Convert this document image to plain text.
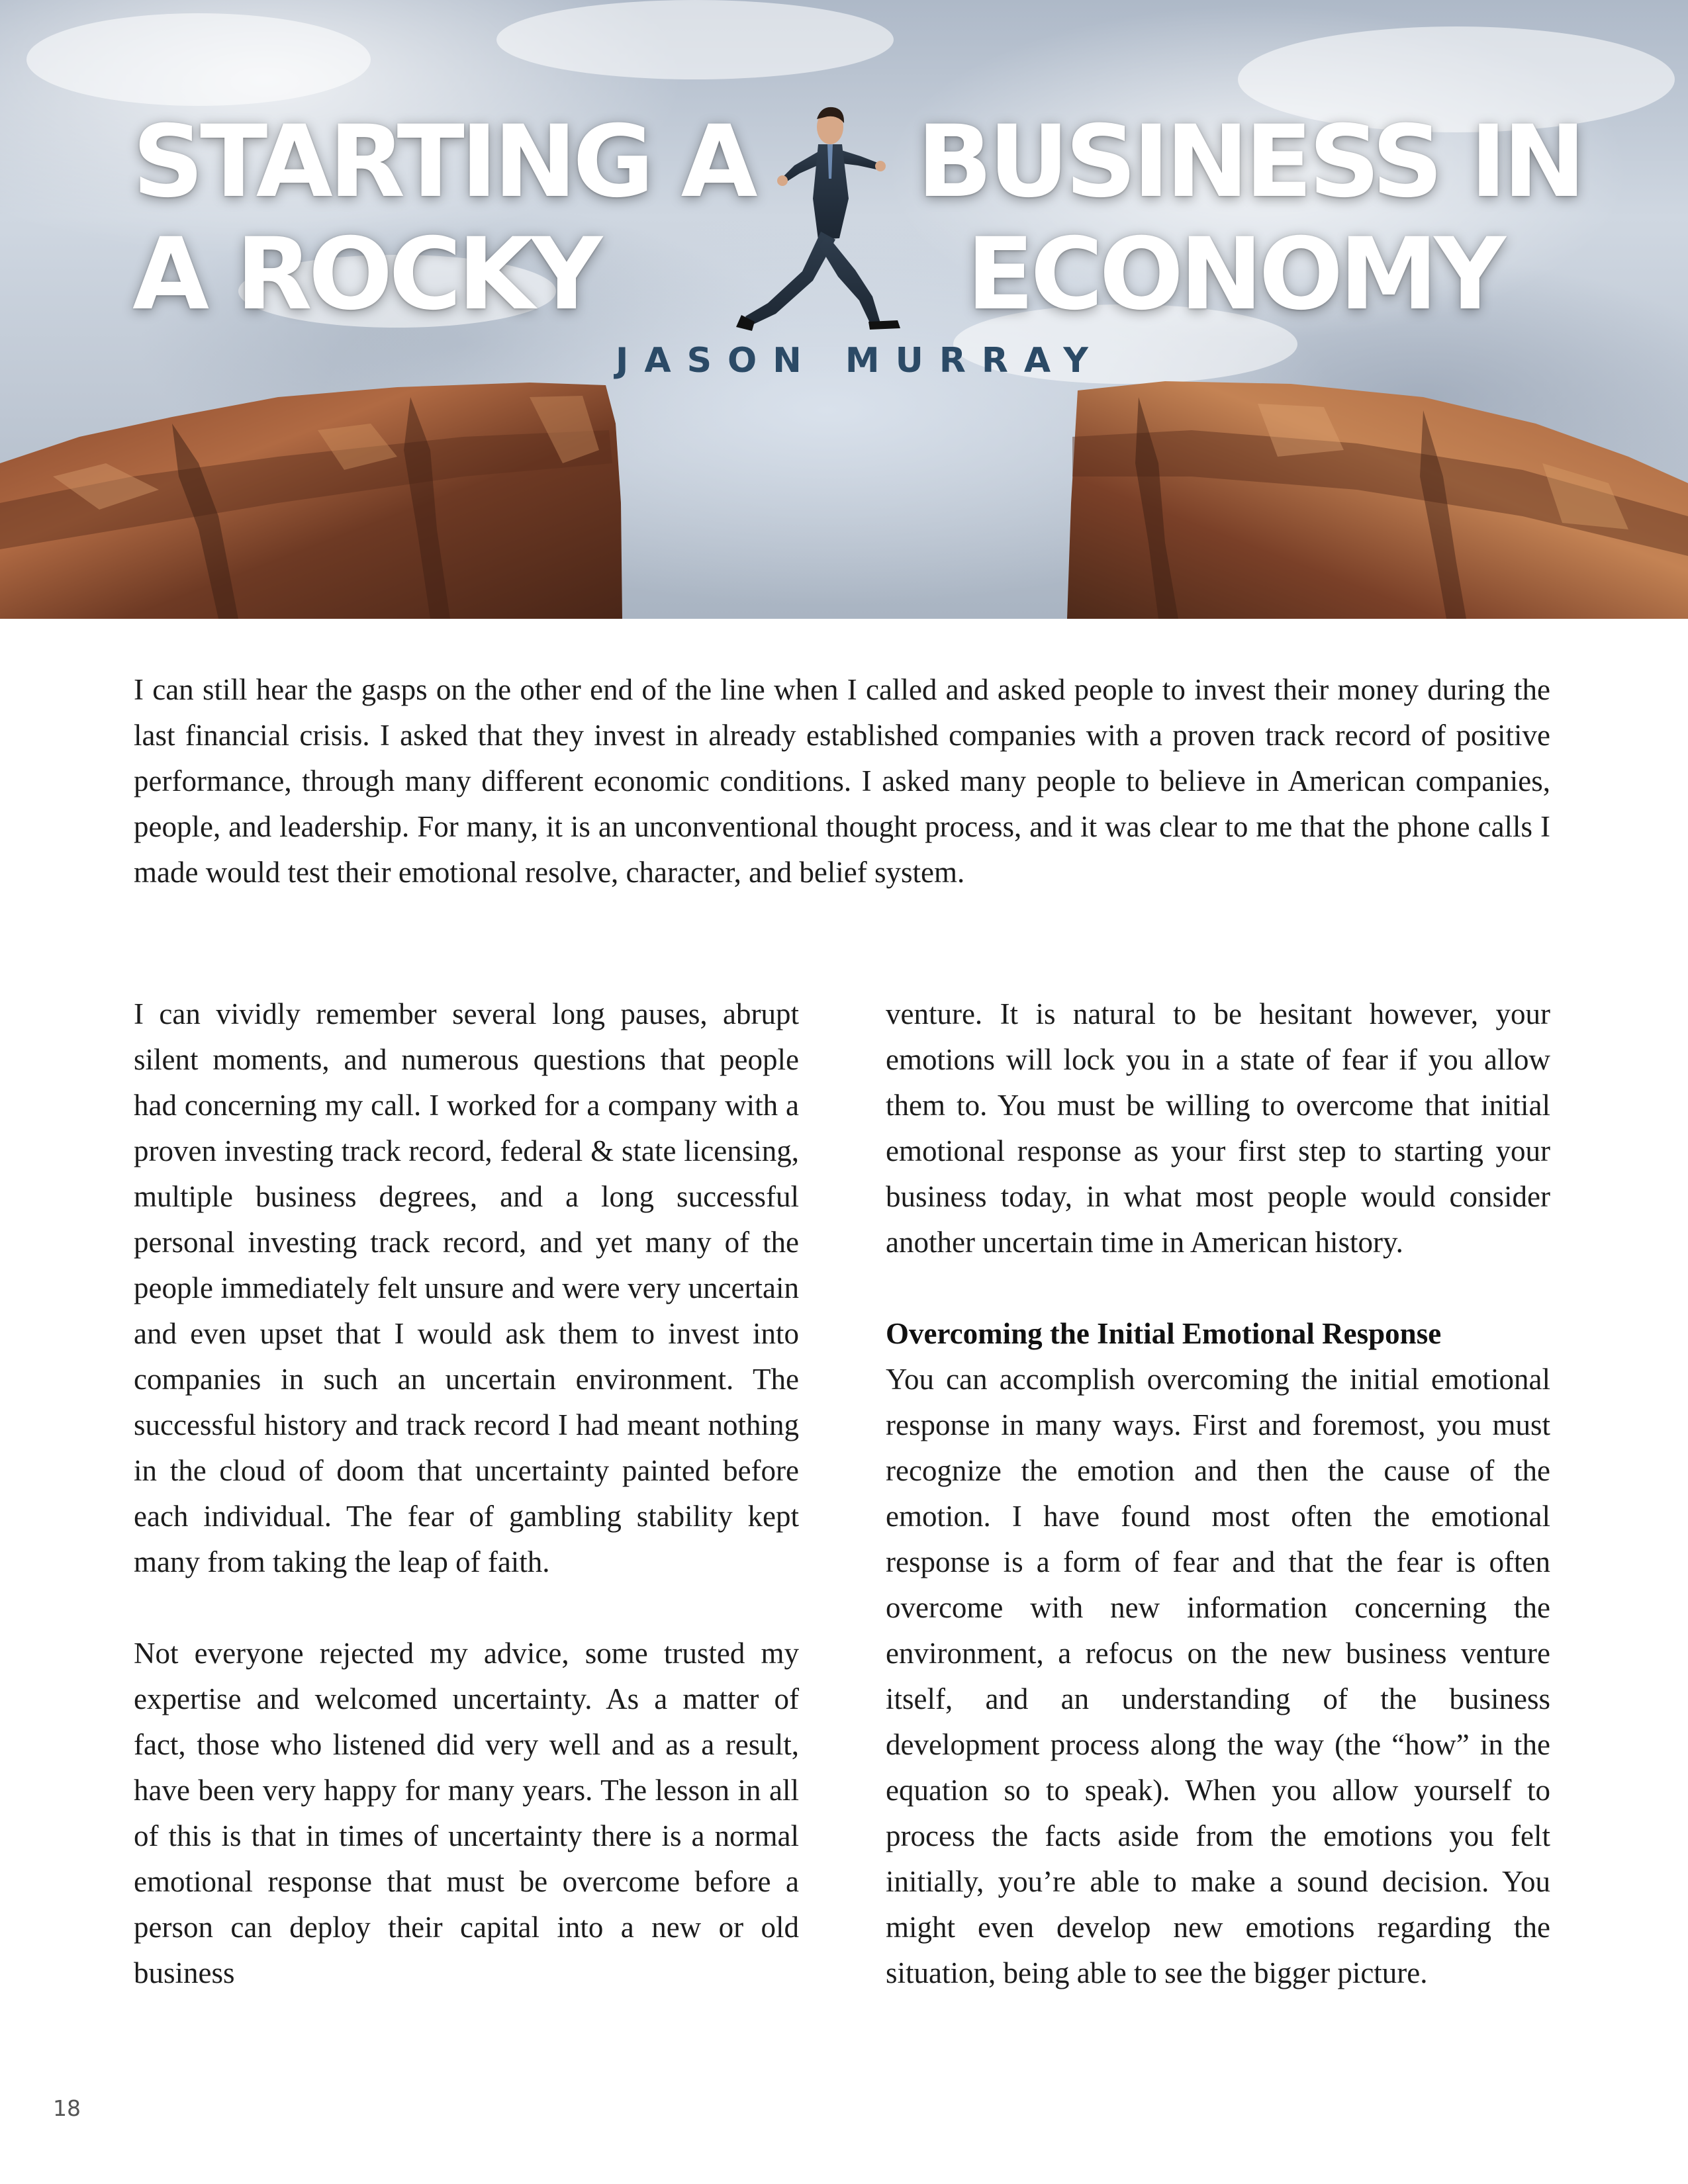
STARTING A BUSINESS IN
A ROCKY	ECONOMY

JASON MURRAY

I can still hear the gasps on the other end of the line when I called and asked people to invest their money during the last financial crisis. I asked that they invest in already established companies with a proven track record of positive performance, through many different economic conditions. I asked many people to believe in American companies, people, and leadership. For many, it is an unconventional thought process, and it was clear to me that the phone calls I made would test their emotional resolve, character, and belief system.

I can vividly remember several long pauses, abrupt silent moments, and numerous questions that people had concerning my call. I worked for a company with a proven investing track record, federal & state licensing, multiple business degrees, and a long successful personal investing track record, and yet many of the people immediately felt unsure and were very uncertain and even upset that I would ask them to invest into companies in such an uncertain environment. The successful history and track record I had meant nothing in the cloud of doom that uncertainty painted before each individual. The fear of gambling stability kept many from taking the leap of faith.

Not everyone rejected my advice, some trusted my expertise and welcomed uncertainty. As a matter of fact, those who listened did very well and as a result, have been very happy for many years. The lesson in all of this is that in times of uncertainty there is a normal emotional response that must be overcome before a person can deploy their capital into a new or old business

venture. It is natural to be hesitant however, your emotions will lock you in a state of fear if you allow them to. You must be willing to overcome that initial emotional response as your first step to starting your business today, in what most people would consider another uncertain time in American history.

Overcoming the Initial Emotional Response

You can accomplish overcoming the initial emotional response in many ways. First and foremost, you must recognize the emotion and then the cause of the emotion. I have found most often the emotional response is a form of fear and that the fear is often overcome with new information concerning the environment, a refocus on the new business venture itself, and an understanding of the business development process along the way (the “how” in the equation so to speak). When you allow yourself to process the facts aside from the emotions you felt initially, you’re able to make a sound decision. You might even develop new emotions regarding the situation, being able to see the bigger picture.

18
